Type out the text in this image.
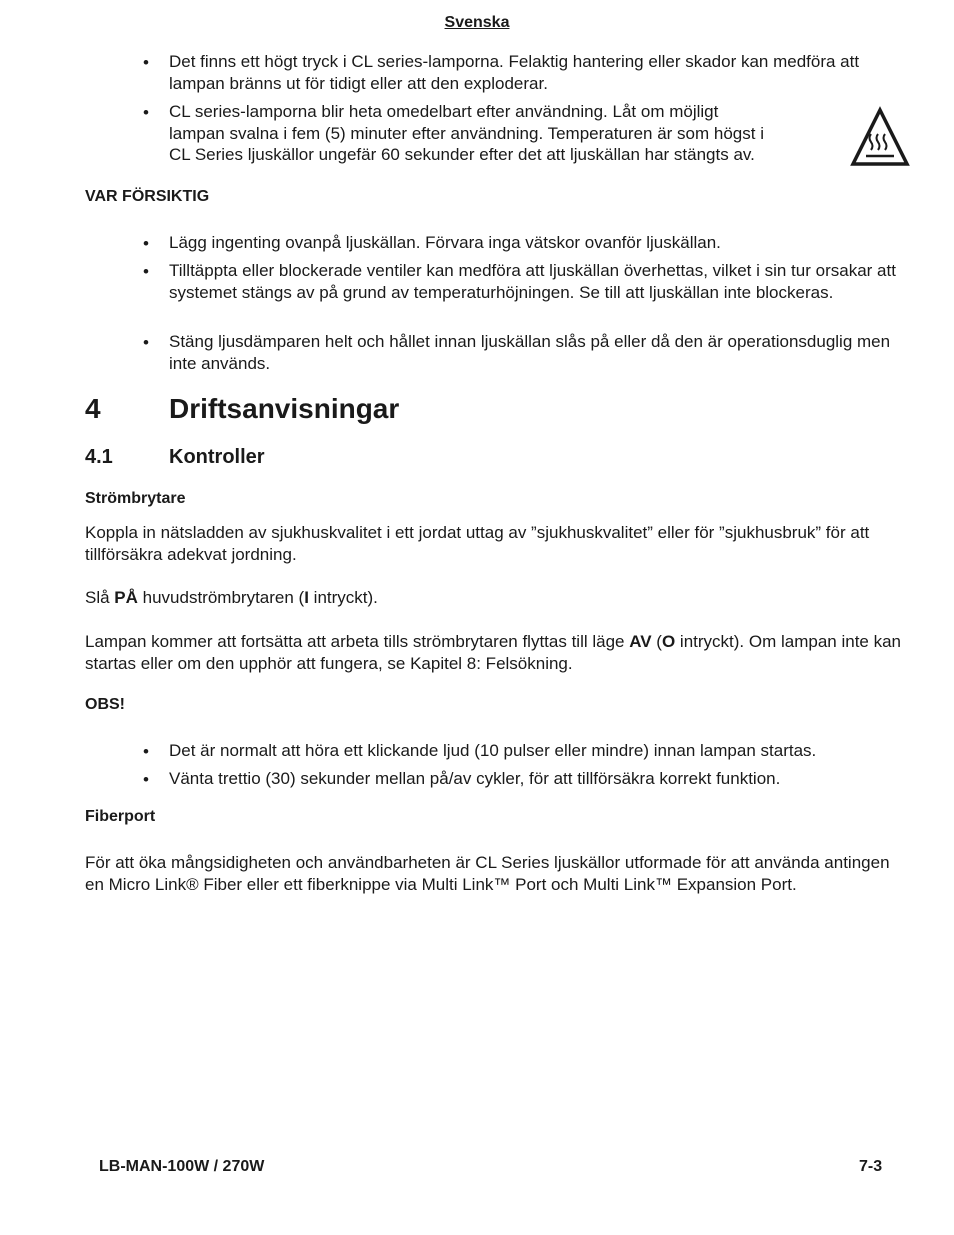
Svenska
• Det finns ett högt tryck i CL series-lamporna. Felaktig hantering eller skador kan medföra att lampan bränns ut för tidigt eller att den exploderar.
• CL series-lamporna blir heta omedelbart efter användning. Låt om möjligt
lampan svalna i fem (5) minuter efter användning. Temperaturen är som högst i
CL Series ljuskällor ungefär 60 sekunder efter det att ljuskällan har stängts av.
VAR FÖRSIKTIG
• Lägg ingenting ovanpå ljuskällan. Förvara inga vätskor ovanför ljuskällan.
• Tilltäppta eller blockerade ventiler kan medföra att ljuskällan överhettas, vilket i sin tur orsakar att systemet stängs av på grund av temperaturhöjningen. Se till att ljuskällan inte blockeras.
• Stäng ljusdämparen helt och hållet innan ljuskällan slås på eller då den är operationsduglig men inte används.
4 Driftsanvisningar
4.1	Kontroller
Strömbrytare
Koppla in nätsladden av sjukhuskvalitet i ett jordat uttag av ”sjukhuskvalitet” eller för ”sjukhusbruk” för att tillförsäkra adekvat jordning.
Slå PÅ huvudströmbrytaren (I intryckt).
Lampan kommer att fortsätta att arbeta tills strömbrytaren flyttas till läge AV (O intryckt). Om lampan inte kan startas eller om den upphör att fungera, se Kapitel 8: Felsökning.
OBS!
• Det är normalt att höra ett klickande ljud (10 pulser eller mindre) innan lampan startas.
• Vänta trettio (30) sekunder mellan på/av cykler, för att tillförsäkra korrekt funktion.
Fiberport
För att öka mångsidigheten och användbarheten är CL Series ljuskällor utformade för att använda antingen en Micro Link® Fiber eller ett fiberknippe via Multi Link™ Port och Multi Link™ Expansion Port.
LB-MAN-100W / 270W	7-3
